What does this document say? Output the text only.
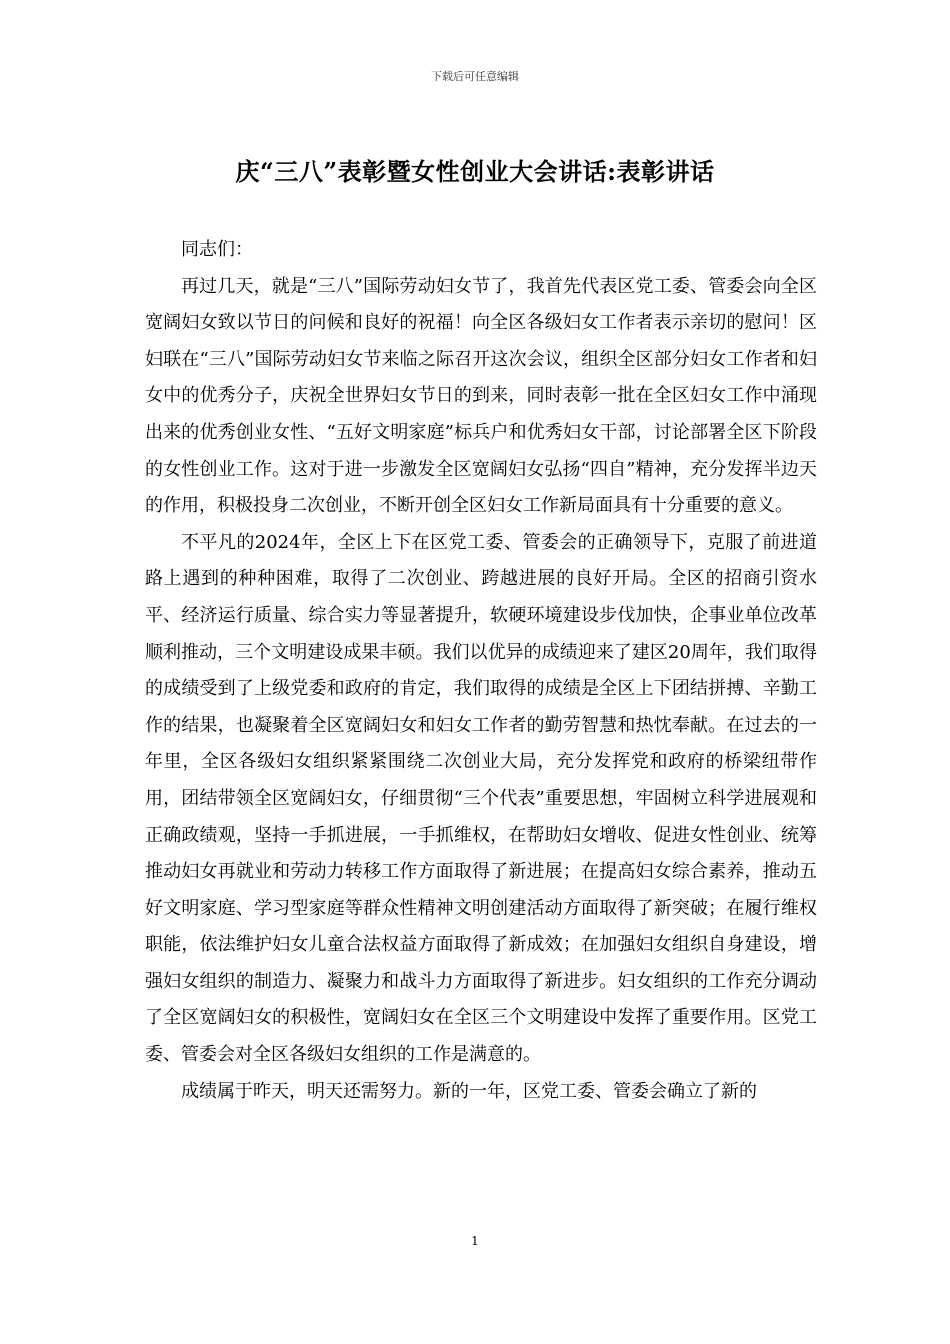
下载后可任意编辑
庆“三八”表彰暨女性创业大会讲话:表彰讲话

同志们：

再过几天，就是“三八”国际劳动妇女节了，我首先代表区党工委、管委会向全区宽阔妇女致以节日的问候和良好的祝福！向全区各级妇女工作者表示亲切的慰问！区妇联在“三八”国际劳动妇女节来临之际召开这次会议，组织全区部分妇女工作者和妇女中的优秀分子，庆祝全世界妇女节日的到来，同时表彰一批在全区妇女工作中涌现出来的优秀创业女性、“五好文明家庭”标兵户和优秀妇女干部，讨论部署全区下阶段的女性创业工作。这对于进一步激发全区宽阔妇女弘扬“四自”精神，充分发挥半边天的作用，积极投身二次创业，不断开创全区妇女工作新局面具有十分重要的意义。

不平凡的2024年，全区上下在区党工委、管委会的正确领导下，克服了前进道路上遇到的种种困难，取得了二次创业、跨越进展的良好开局。全区的招商引资水平、经济运行质量、综合实力等显著提升，软硬环境建设步伐加快，企事业单位改革顺利推动，三个文明建设成果丰硕。我们以优异的成绩迎来了建区20周年，我们取得的成绩受到了上级党委和政府的肯定，我们取得的成绩是全区上下团结拼搏、辛勤工作的结果，也凝聚着全区宽阔妇女和妇女工作者的勤劳智慧和热忱奉献。在过去的一年里，全区各级妇女组织紧紧围绕二次创业大局，充分发挥党和政府的桥梁纽带作用，团结带领全区宽阔妇女，仔细贯彻“三个代表”重要思想，牢固树立科学进展观和正确政绩观，坚持一手抓进展，一手抓维权，在帮助妇女增收、促进女性创业、统筹推动妇女再就业和劳动力转移工作方面取得了新进展；在提高妇女综合素养，推动五好文明家庭、学习型家庭等群众性精神文明创建活动方面取得了新突破；在履行维权职能，依法维护妇女儿童合法权益方面取得了新成效；在加强妇女组织自身建设，增强妇女组织的制造力、凝聚力和战斗力方面取得了新进步。妇女组织的工作充分调动了全区宽阔妇女的积极性，宽阔妇女在全区三个文明建设中发挥了重要作用。区党工委、管委会对全区各级妇女组织的工作是满意的。

成绩属于昨天，明天还需努力。新的一年，区党工委、管委会确立了新的

1
